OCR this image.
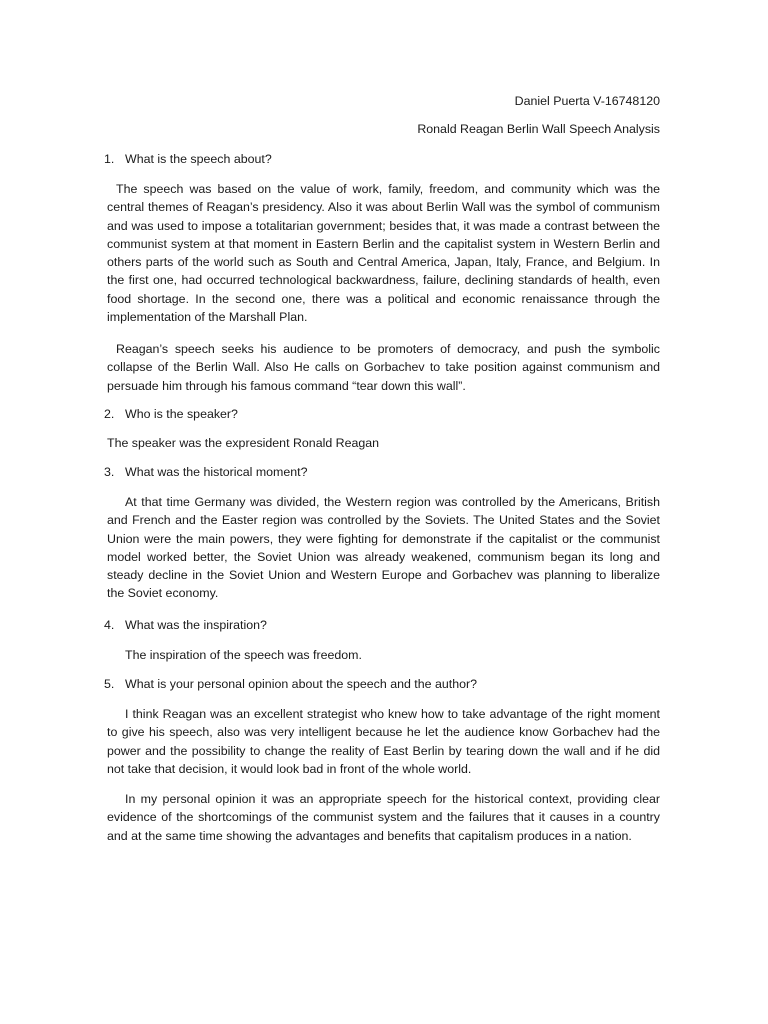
Daniel Puerta V-16748120
Ronald Reagan Berlin Wall Speech Analysis
1. What is the speech about?

The speech was based on the value of work, family, freedom, and community which was the central themes of Reagan’s presidency. Also it was about Berlin Wall was the symbol of communism and was used to impose a totalitarian government; besides that, it was made a contrast between the communist system at that moment in Eastern Berlin and the capitalist system in Western Berlin and others parts of the world such as South and Central America, Japan, Italy, France, and Belgium. In the first one, had occurred technological backwardness, failure, declining standards of health, even food shortage. In the second one, there was a political and economic renaissance through the implementation of the Marshall Plan.

Reagan’s speech seeks his audience to be promoters of democracy, and push the symbolic collapse of the Berlin Wall. Also He calls on Gorbachev to take position against communism and persuade him through his famous command “tear down this wall”.

2. Who is the speaker?

The speaker was the expresident Ronald Reagan

3. What was the historical moment?

At that time Germany was divided, the Western region was controlled by the Americans, British and French and the Easter region was controlled by the Soviets. The United States and the Soviet Union were the main powers, they were fighting for demonstrate if the capitalist or the communist model worked better, the Soviet Union was already weakened, communism began its long and steady decline in the Soviet Union and Western Europe and Gorbachev was planning to liberalize the Soviet economy.

4. What was the inspiration?

The inspiration of the speech was freedom.

5. What is your personal opinion about the speech and the author?

I think Reagan was an excellent strategist who knew how to take advantage of the right moment to give his speech, also was very intelligent because he let the audience know Gorbachev had the power and the possibility to change the reality of East Berlin by tearing down the wall and if he did not take that decision, it would look bad in front of the whole world.

In my personal opinion it was an appropriate speech for the historical context, providing clear evidence of the shortcomings of the communist system and the failures that it causes in a country and at the same time showing the advantages and benefits that capitalism produces in a nation.
